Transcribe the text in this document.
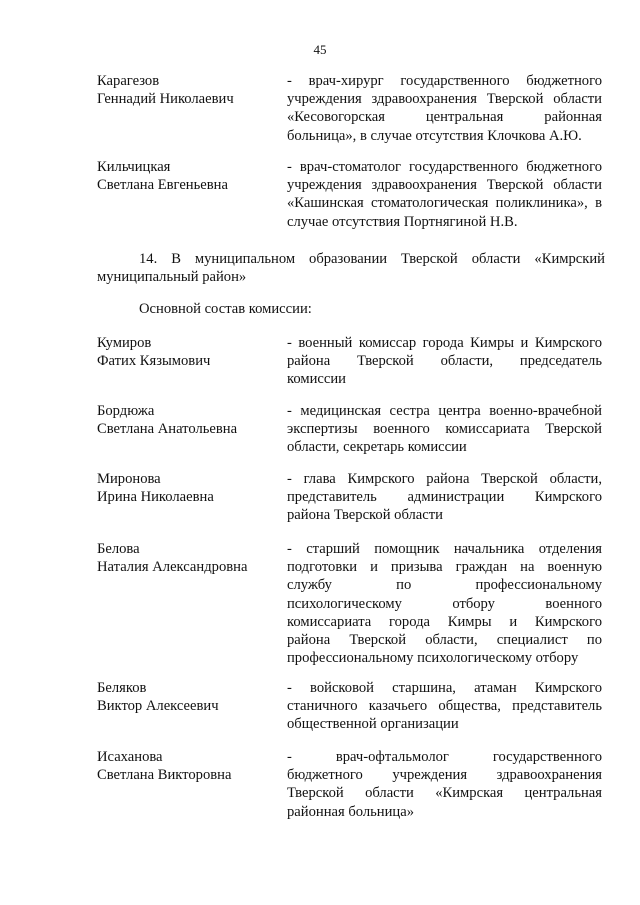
45
Карагезов
Геннадий Николаевич
- врач-хирург государственного бюджетного
учреждения здравоохранения Тверской области
«Кесовогорская центральная районная
больница», в случае отсутствия Клочкова А.Ю.
Кильчицкая
Светлана Евгеньевна
- врач-стоматолог государственного бюджетного
учреждения здравоохранения Тверской области
«Кашинская стоматологическая поликлиника», в
случае отсутствия Портнягиной Н.В.
14. В муниципальном образовании Тверской области «Кимрский
муниципальный район»
Основной состав комиссии:
Кумиров
Фатих Кязымович
- военный комиссар города Кимры и Кимрского
района Тверской области, председатель
комиссии
Бордюжа
Светлана Анатольевна
- медицинская сестра центра военно-врачебной
экспертизы военного комиссариата Тверской
области, секретарь комиссии
Миронова
Ирина Николаевна
- глава Кимрского района Тверской области,
представитель администрации Кимрского
района Тверской области
Белова
Наталия Александровна
- старший помощник начальника отделения
подготовки и призыва граждан на военную
службу по профессиональному
психологическому отбору военного
комиссариата города Кимры и Кимрского
района Тверской области, специалист по
профессиональному психологическому отбору
Беляков
Виктор Алексеевич
- войсковой старшина, атаман Кимрского
станичного казачьего общества, представитель
общественной организации
Исаханова
Светлана Викторовна
- врач-офтальмолог государственного
бюджетного учреждения здравоохранения
Тверской области «Кимрская центральная
районная больница»
